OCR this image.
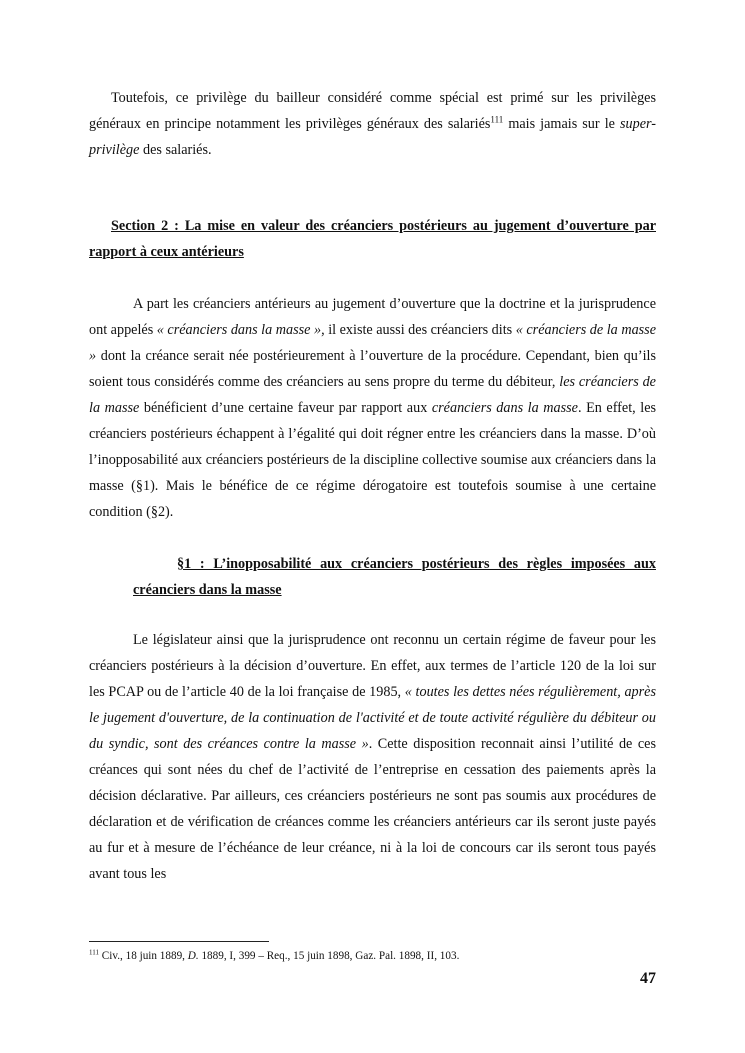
Toutefois, ce privilège du bailleur considéré comme spécial est primé sur les privilèges généraux en principe notamment les privilèges généraux des salariés$^{111}$ mais jamais sur le super-privilège des salariés.

Section 2 : La mise en valeur des créanciers postérieurs au jugement d’ouverture par rapport à ceux antérieurs

A part les créanciers antérieurs au jugement d’ouverture que la doctrine et la jurisprudence ont appelés « créanciers dans la masse », il existe aussi des créanciers dits « créanciers de la masse » dont la créance serait née postérieurement à l’ouverture de la procédure. Cependant, bien qu’ils soient tous considérés comme des créanciers au sens propre du terme du débiteur, les créanciers de la masse bénéficient d’une certaine faveur par rapport aux créanciers dans la masse. En effet, les créanciers postérieurs échappent à l’égalité qui doit régner entre les créanciers dans la masse. D’où l’inopposabilité aux créanciers postérieurs de la discipline collective soumise aux créanciers dans la masse (§1). Mais le bénéfice de ce régime dérogatoire est toutefois soumise à une certaine condition (§2).

§1 : L’inopposabilité aux créanciers postérieurs des règles imposées aux créanciers dans la masse

Le législateur ainsi que la jurisprudence ont reconnu un certain régime de faveur pour les créanciers postérieurs à la décision d’ouverture. En effet, aux termes de l’article 120 de la loi sur les PCAP ou de l’article 40 de la loi française de 1985, « toutes les dettes nées régulièrement, après le jugement d'ouverture, de la continuation de l'activité et de toute activité régulière du débiteur ou du syndic, sont des créances contre la masse ». Cette disposition reconnait ainsi l’utilité de ces créances qui sont nées du chef de l’activité de l’entreprise en cessation des paiements après la décision déclarative. Par ailleurs, ces créanciers postérieurs ne sont pas soumis aux procédures de déclaration et de vérification de créances comme les créanciers antérieurs car ils seront juste payés au fur et à mesure de l’échéance de leur créance, ni à la loi de concours car ils seront tous payés avant tous les

$^{111}$ Civ., 18 juin 1889, D. 1889, I, 399 – Req., 15 juin 1898, Gaz. Pal. 1898, II, 103.

47
